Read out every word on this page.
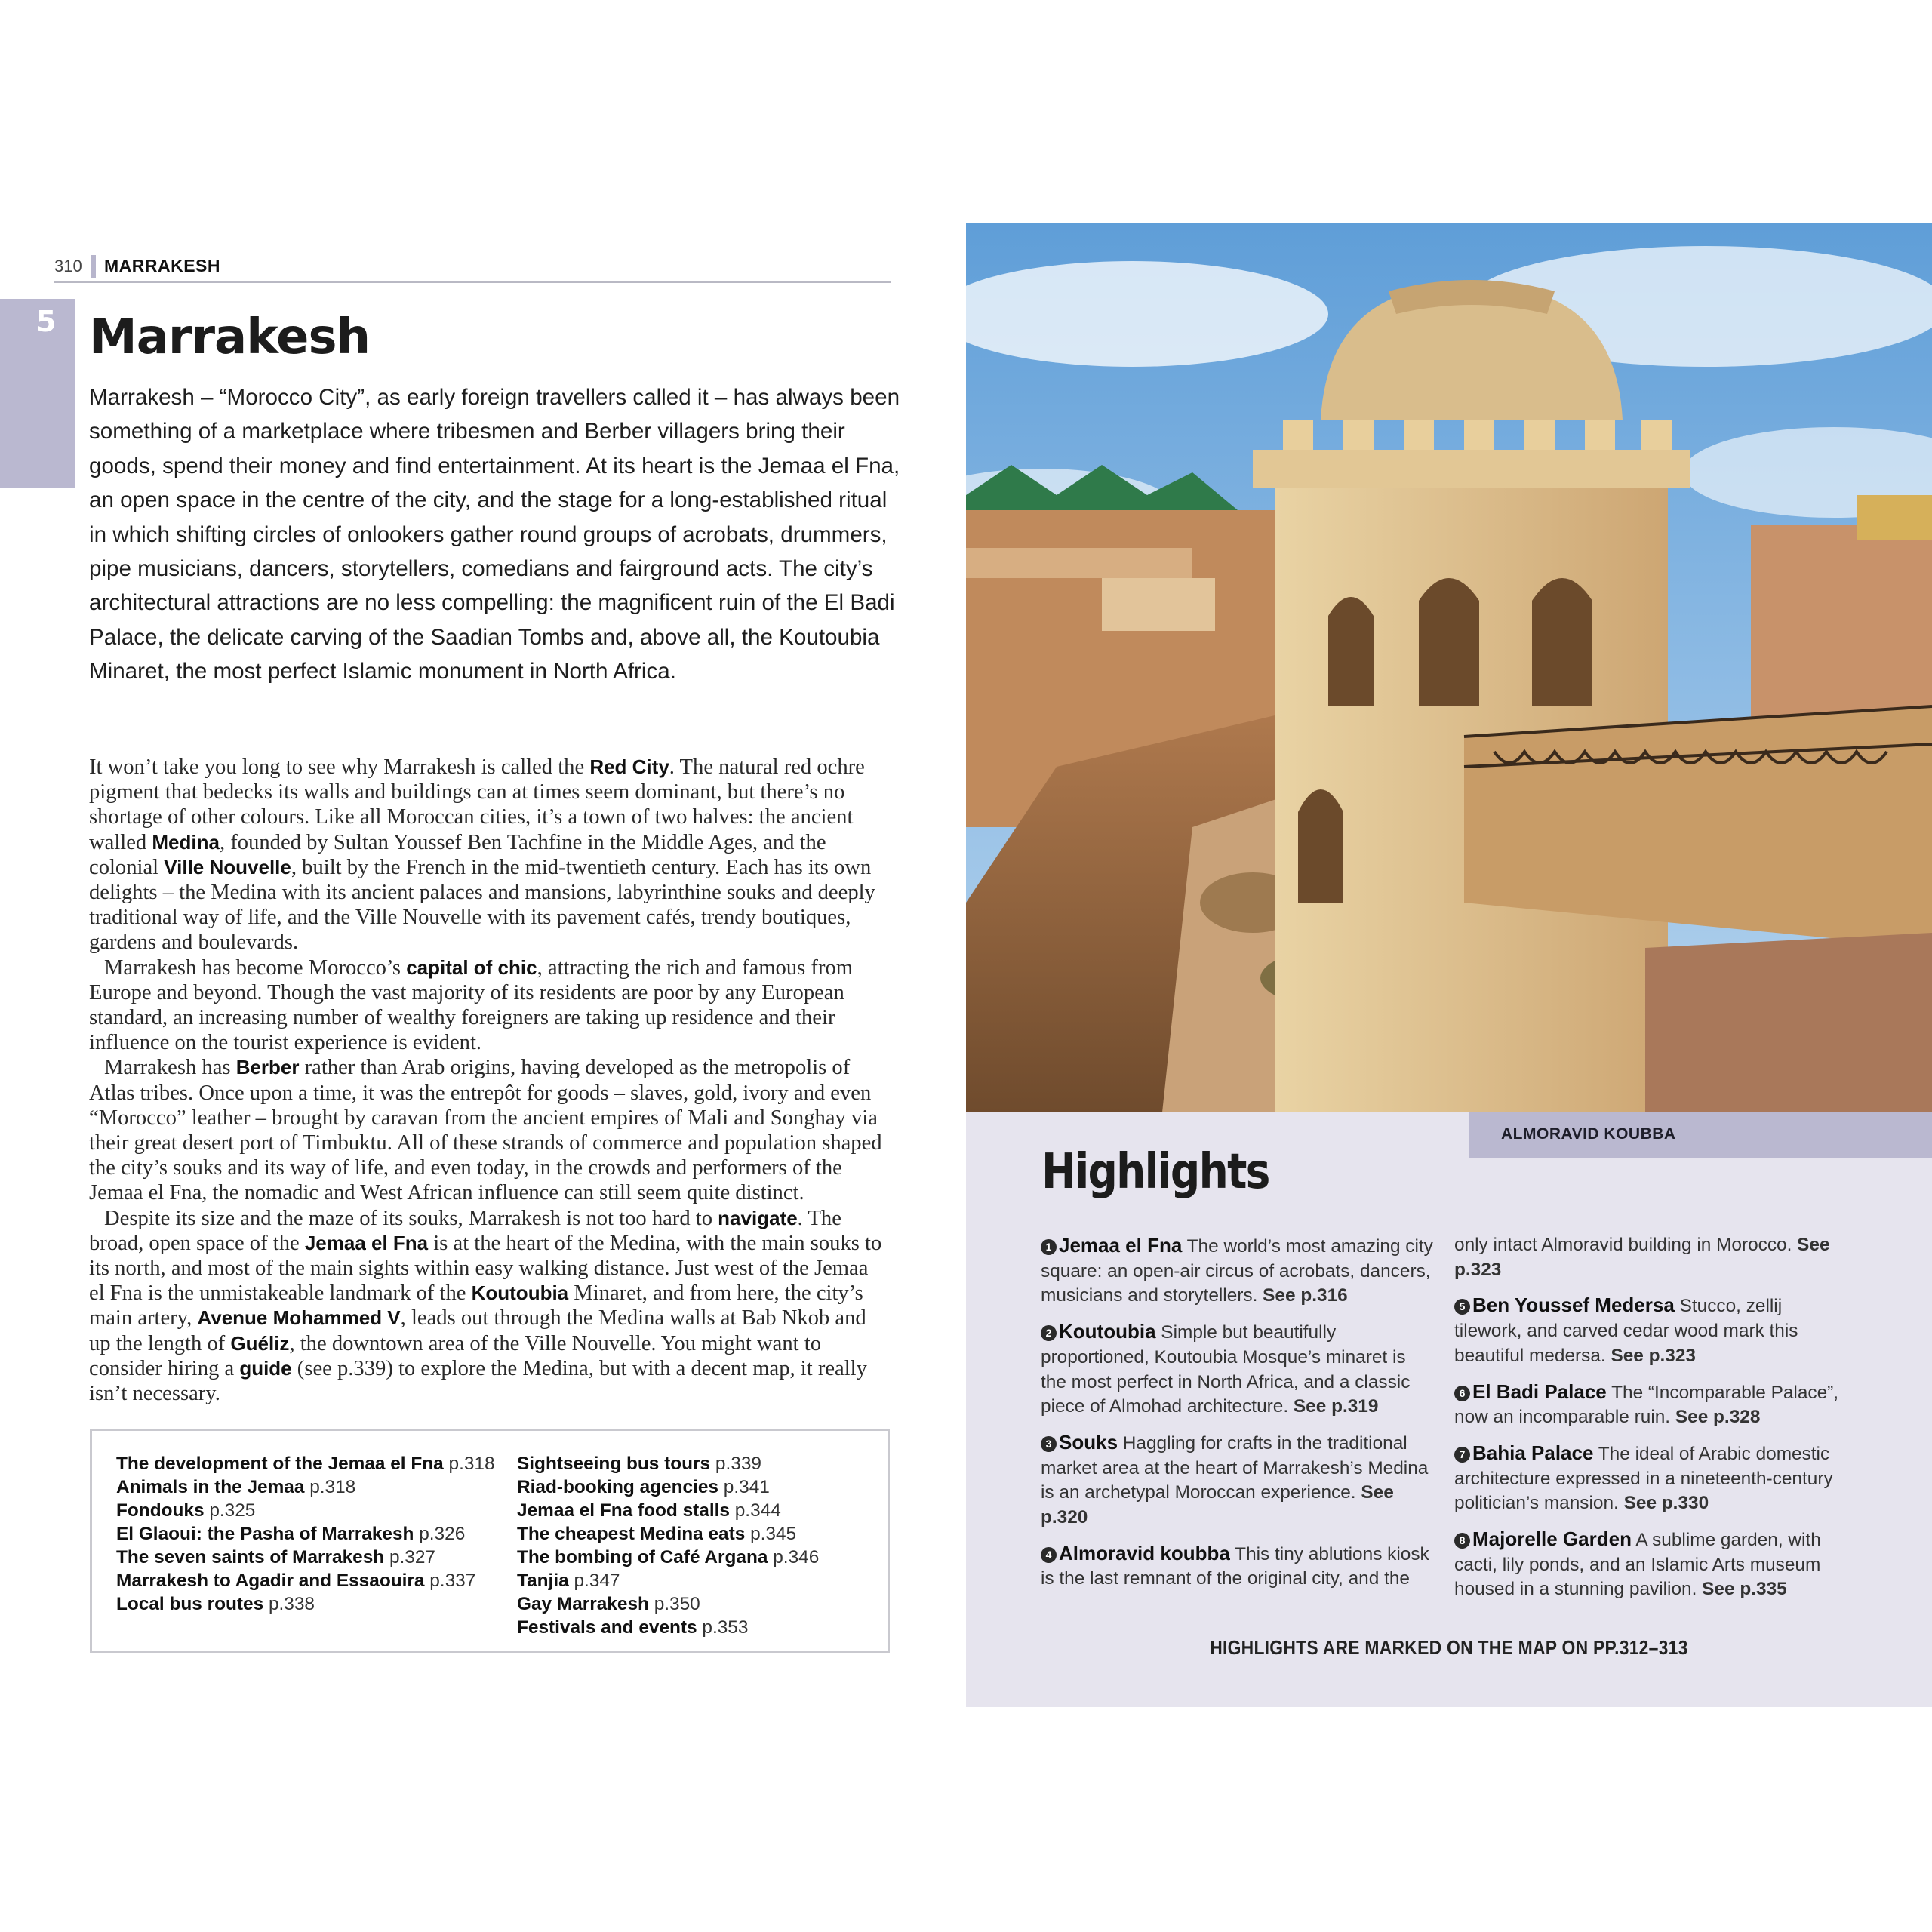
310 MARRAKESH
5 Marrakesh

Marrakesh – “Morocco City”, as early foreign travellers called it – has always been something of a marketplace where tribesmen and Berber villagers bring their goods, spend their money and find entertainment. At its heart is the Jemaa el Fna, an open space in the centre of the city, and the stage for a long-established ritual in which shifting circles of onlookers gather round groups of acrobats, drummers, pipe musicians, dancers, storytellers, comedians and fairground acts. The city’s architectural attractions are no less compelling: the magnificent ruin of the El Badi Palace, the delicate carving of the Saadian Tombs and, above all, the Koutoubia Minaret, the most perfect Islamic monument in North Africa.

It won’t take you long to see why Marrakesh is called the Red City. The natural red ochre pigment that bedecks its walls and buildings can at times seem dominant, but there’s no shortage of other colours. Like all Moroccan cities, it’s a town of two halves: the ancient walled Medina, founded by Sultan Youssef Ben Tachfine in the Middle Ages, and the colonial Ville Nouvelle, built by the French in the mid-twentieth century. Each has its own delights – the Medina with its ancient palaces and mansions, labyrinthine souks and deeply traditional way of life, and the Ville Nouvelle with its pavement cafés, trendy boutiques, gardens and boulevards.

Marrakesh has become Morocco’s capital of chic, attracting the rich and famous from Europe and beyond. Though the vast majority of its residents are poor by any European standard, an increasing number of wealthy foreigners are taking up residence and their influence on the tourist experience is evident.

Marrakesh has Berber rather than Arab origins, having developed as the metropolis of Atlas tribes. Once upon a time, it was the entrepôt for goods – slaves, gold, ivory and even “Morocco” leather – brought by caravan from the ancient empires of Mali and Songhay via their great desert port of Timbuktu. All of these strands of commerce and population shaped the city’s souks and its way of life, and even today, in the crowds and performers of the Jemaa el Fna, the nomadic and West African influence can still seem quite distinct.

Despite its size and the maze of its souks, Marrakesh is not too hard to navigate. The broad, open space of the Jemaa el Fna is at the heart of the Medina, with the main souks to its north, and most of the main sights within easy walking distance. Just west of the Jemaa el Fna is the unmistakeable landmark of the Koutoubia Minaret, and from here, the city’s main artery, Avenue Mohammed V, leads out through the Medina walls at Bab Nkob and up the length of Guéliz, the downtown area of the Ville Nouvelle. You might want to consider hiring a guide (see p.339) to explore the Medina, but with a decent map, it really isn’t necessary.

The development of the Jemaa el Fna p.318
Animals in the Jemaa p.318
Fondouks p.325
El Glaoui: the Pasha of Marrakesh p.326
The seven saints of Marrakesh p.327
Marrakesh to Agadir and Essaouira p.337
Local bus routes p.338
Sightseeing bus tours p.339
Riad-booking agencies p.341
Jemaa el Fna food stalls p.344
The cheapest Medina eats p.345
The bombing of Café Argana p.346
Tanjia p.347
Gay Marrakesh p.350
Festivals and events p.353
ALMORAVID KOUBBA
Highlights

1 Jemaa el Fna The world’s most amazing city square: an open-air circus of acrobats, dancers, musicians and storytellers. See p.316

2 Koutoubia Simple but beautifully proportioned, Koutoubia Mosque’s minaret is the most perfect in North Africa, and a classic piece of Almohad architecture. See p.319

3 Souks Haggling for crafts in the traditional market area at the heart of Marrakesh’s Medina is an archetypal Moroccan experience. See p.320

4 Almoravid koubba This tiny ablutions kiosk is the last remnant of the original city, and the

only intact Almoravid building in Morocco. See p.323

5 Ben Youssef Medersa Stucco, zellij tilework, and carved cedar wood mark this beautiful medersa. See p.323

6 El Badi Palace The “Incomparable Palace”, now an incomparable ruin. See p.328

7 Bahia Palace The ideal of Arabic domestic architecture expressed in a nineteenth-century politician’s mansion. See p.330

8 Majorelle Garden A sublime garden, with cacti, lily ponds, and an Islamic Arts museum housed in a stunning pavilion. See p.335

HIGHLIGHTS ARE MARKED ON THE MAP ON PP.312–313
